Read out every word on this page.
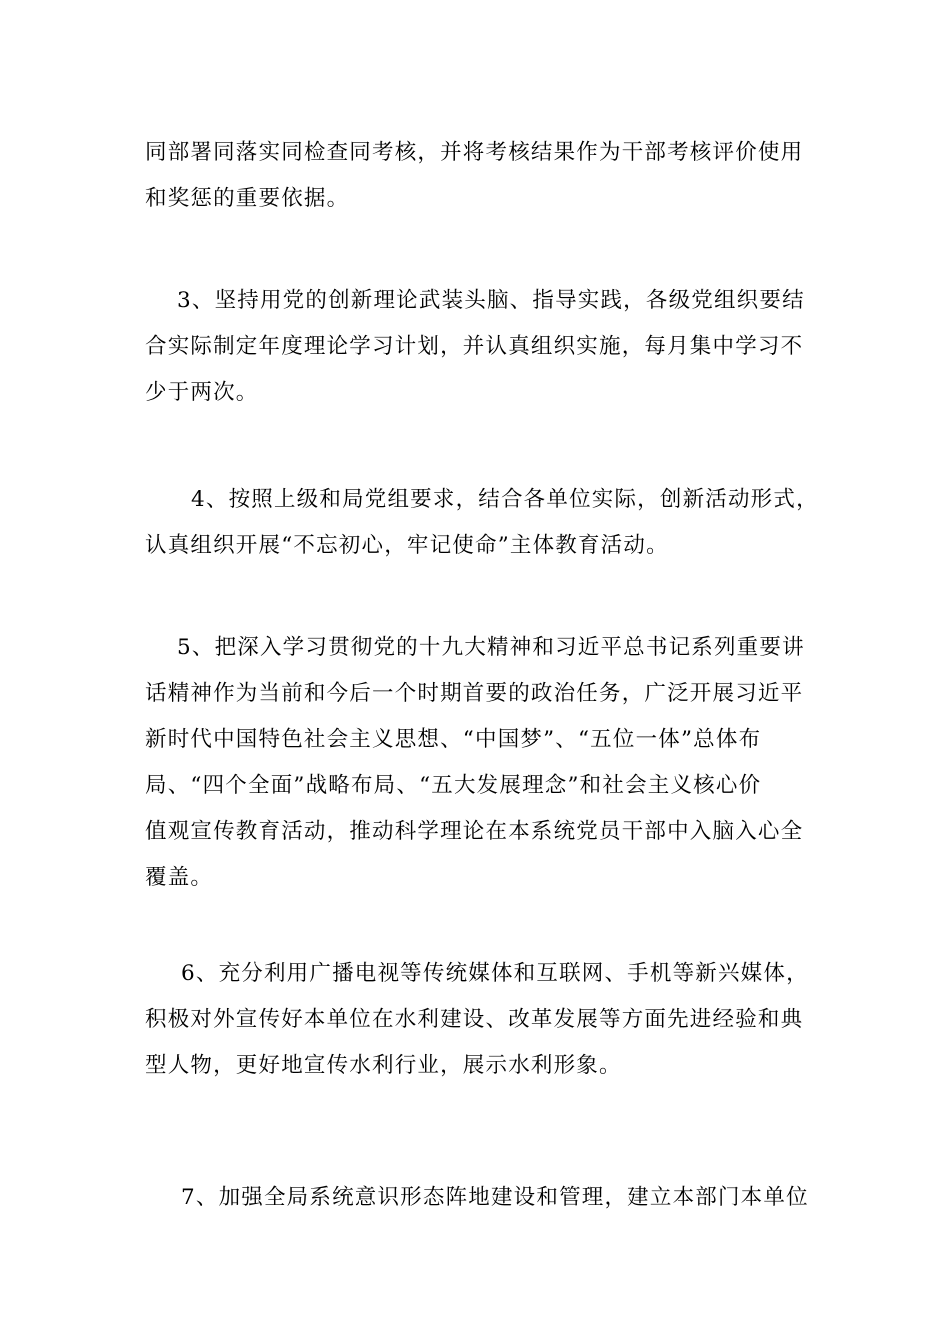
同部署同落实同检查同考核，并将考核结果作为干部考核评价使用
和奖惩的重要依据。

3、坚持用党的创新理论武装头脑、指导实践，各级党组织要结
合实际制定年度理论学习计划，并认真组织实施，每月集中学习不
少于两次。

4、按照上级和局党组要求，结合各单位实际，创新活动形式，
认真组织开展“不忘初心，牢记使命”主体教育活动。

5、把深入学习贯彻党的十九大精神和习近平总书记系列重要讲
话精神作为当前和今后一个时期首要的政治任务，广泛开展习近平
新时代中国特色社会主义思想、“中国梦”、“五位一体”总体布
局、“四个全面”战略布局、“五大发展理念”和社会主义核心价
值观宣传教育活动，推动科学理论在本系统党员干部中入脑入心全
覆盖。

6、充分利用广播电视等传统媒体和互联网、手机等新兴媒体，
积极对外宣传好本单位在水利建设、改革发展等方面先进经验和典
型人物，更好地宣传水利行业，展示水利形象。

7、加强全局系统意识形态阵地建设和管理，建立本部门本单位
